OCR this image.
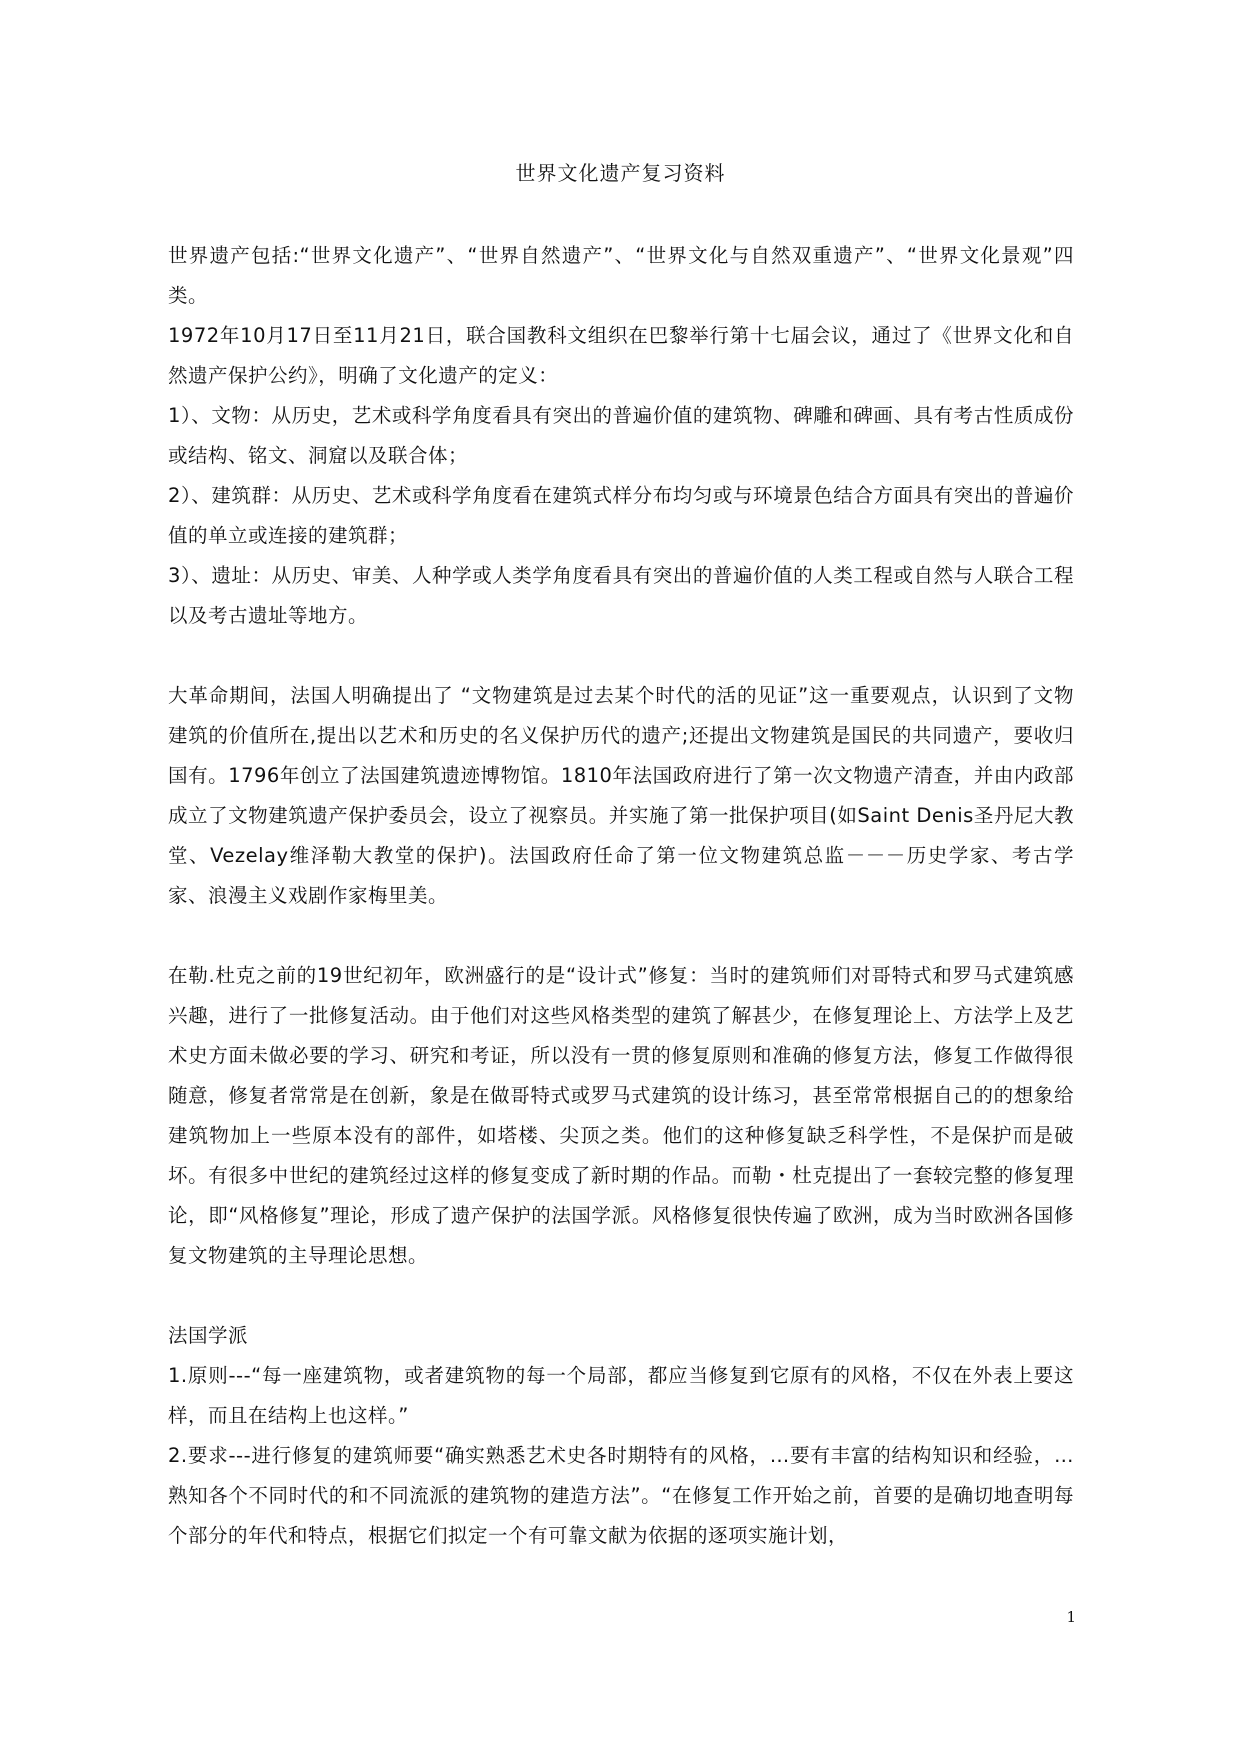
世界文化遗产复习资料

世界遗产包括:“世界文化遗产”、“世界自然遗产”、“世界文化与自然双重遗产”、“世界文化景观”四类。

1972年10月17日至11月21日，联合国教科文组织在巴黎举行第十七届会议，通过了《世界文化和自然遗产保护公约》，明确了文化遗产的定义：

1）、文物：从历史，艺术或科学角度看具有突出的普遍价值的建筑物、碑雕和碑画、具有考古性质成份或结构、铭文、洞窟以及联合体；

2）、建筑群：从历史、艺术或科学角度看在建筑式样分布均匀或与环境景色结合方面具有突出的普遍价值的单立或连接的建筑群；

3）、遗址：从历史、审美、人种学或人类学角度看具有突出的普遍价值的人类工程或自然与人联合工程以及考古遗址等地方。

大革命期间，法国人明确提出了 “文物建筑是过去某个时代的活的见证”这一重要观点，认识到了文物建筑的价值所在,提出以艺术和历史的名义保护历代的遗产;还提出文物建筑是国民的共同遗产，要收归国有。1796年创立了法国建筑遗迹博物馆。1810年法国政府进行了第一次文物遗产清查，并由内政部成立了文物建筑遗产保护委员会，设立了视察员。并实施了第一批保护项目(如Saint Denis圣丹尼大教堂、Vezelay维泽勒大教堂的保护)。法国政府任命了第一位文物建筑总监－－－历史学家、考古学家、浪漫主义戏剧作家梅里美。

在勒.杜克之前的19世纪初年，欧洲盛行的是“设计式”修复：当时的建筑师们对哥特式和罗马式建筑感兴趣，进行了一批修复活动。由于他们对这些风格类型的建筑了解甚少，在修复理论上、方法学上及艺术史方面未做必要的学习、研究和考证，所以没有一贯的修复原则和准确的修复方法，修复工作做得很随意，修复者常常是在创新，象是在做哥特式或罗马式建筑的设计练习，甚至常常根据自己的的想象给建筑物加上一些原本没有的部件，如塔楼、尖顶之类。他们的这种修复缺乏科学性，不是保护而是破坏。有很多中世纪的建筑经过这样的修复变成了新时期的作品。而勒・杜克提出了一套较完整的修复理论，即“风格修复”理论，形成了遗产保护的法国学派。风格修复很快传遍了欧洲，成为当时欧洲各国修复文物建筑的主导理论思想。

法国学派

1.原则---“每一座建筑物，或者建筑物的每一个局部，都应当修复到它原有的风格，不仅在外表上要这样，而且在结构上也这样。”

2.要求---进行修复的建筑师要“确实熟悉艺术史各时期特有的风格，…要有丰富的结构知识和经验，…熟知各个不同时代的和不同流派的建筑物的建造方法”。“在修复工作开始之前，首要的是确切地查明每个部分的年代和特点，根据它们拟定一个有可靠文献为依据的逐项实施计划，

1
